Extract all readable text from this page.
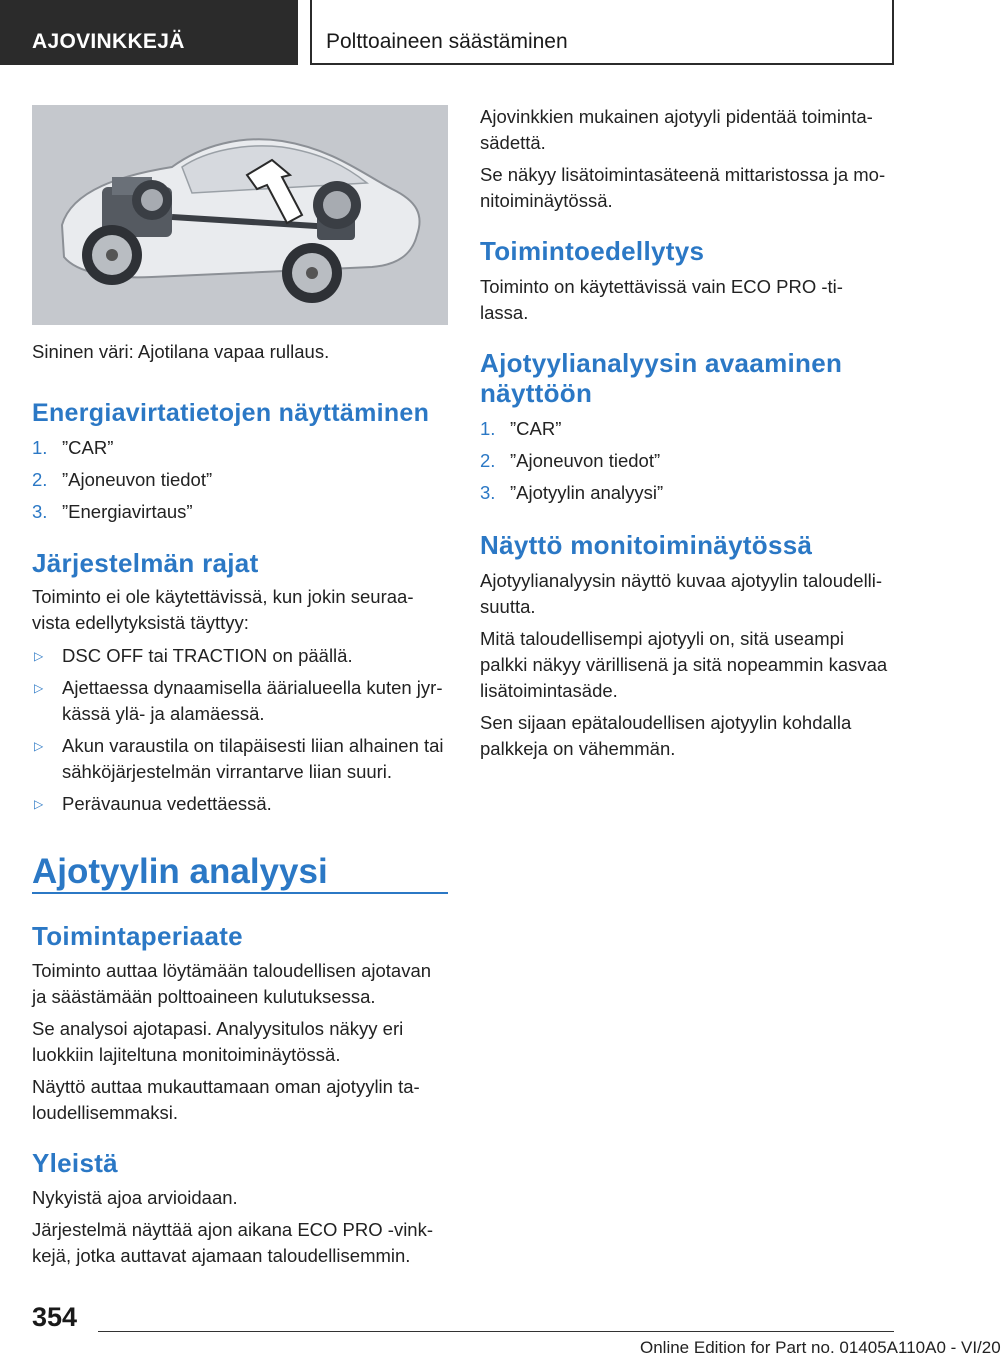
AJOVINKKEJÄ	Polttoaineen säästäminen

Sininen väri: Ajotilana vapaa rullaus.

Energiavirtatietojen näyttäminen
1. ”CAR”
2. ”Ajoneuvon tiedot”
3. ”Energiavirtaus”
Järjestelmän rajat

Toiminto ei ole käytettävissä, kun jokin seuraa-

vista edellytyksistä täyttyy:

▷ DSC OFF tai TRACTION on päällä.

▷ Ajettaessa dynaamisella äärialueella kuten jyr-

kässä ylä- ja alamäessä.

▷ Akun varaustila on tilapäisesti liian alhainen tai

sähköjärjestelmän virrantarve liian suuri.

▷ Perävaunua vedettäessä.

Ajotyylin analyysi
Toimintaperiaate

Toiminto auttaa löytämään taloudellisen ajotavan

ja säästämään polttoaineen kulutuksessa.

Se analysoi ajotapasi. Analyysitulos näkyy eri

luokkiin lajiteltuna monitoiminäytössä.

Näyttö auttaa mukauttamaan oman ajotyylin ta-

loudellisemmaksi.

Yleistä

Nykyistä ajoa arvioidaan.

Järjestelmä näyttää ajon aikana ECO PRO -vink-

kejä, jotka auttavat ajamaan taloudellisemmin.

Ajovinkkien mukainen ajotyyli pidentää toiminta-

sädettä.

Se näkyy lisätoimintasäteenä mittaristossa ja mo-

nitoiminäytössä.

Toimintoedellytys

Toiminto on käytettävissä vain ECO PRO -ti-

lassa.

Ajotyylianalyysin avaaminen
näyttöön
1. ”CAR”
2. ”Ajoneuvon tiedot”
3. ”Ajotyylin analyysi”
Näyttö monitoiminäytössä

Ajotyylianalyysin näyttö kuvaa ajotyylin taloudelli-

suutta.

Mitä taloudellisempi ajotyyli on, sitä useampi

palkki näkyy värillisenä ja sitä nopeammin kasvaa

lisätoimintasäde.

Sen sijaan epätaloudellisen ajotyylin kohdalla

palkkeja on vähemmän.

354
Online Edition for Part no. 01405A110A0 - VI/20
